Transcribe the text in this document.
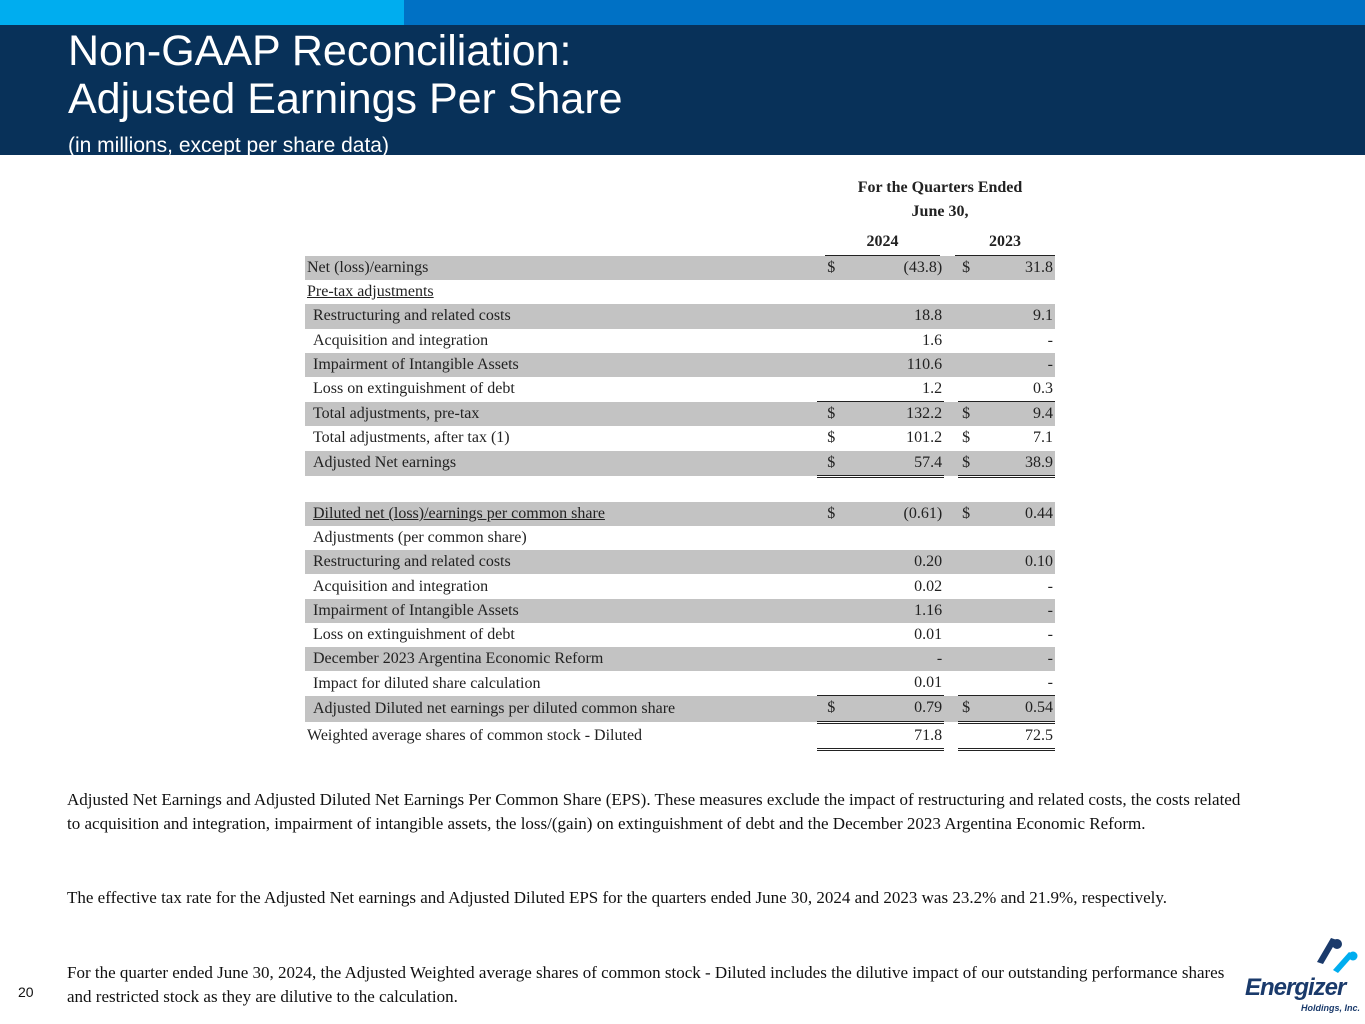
Non-GAAP Reconciliation:
Adjusted Earnings Per Share
(in millions, except per share data)
For the Quarters Ended
June 30,
2024	2023
Net (loss)/earnings	$	(43.8)		$	31.8
Pre-tax adjustments					
Restructuring and related costs		18.8			9.1
Acquisition and integration		1.6			-
Impairment of Intangible Assets		110.6			-
Loss on extinguishment of debt		1.2			0.3
Total adjustments, pre-tax	$	132.2		$	9.4
Total adjustments, after tax (1)	$	101.2		$	7.1
Adjusted Net earnings	$	57.4		$	38.9

Diluted net (loss)/earnings per common share	$	(0.61)		$	0.44
Adjustments (per common share)					
Restructuring and related costs		0.20			0.10
Acquisition and integration		0.02			-
Impairment of Intangible Assets		1.16			-
Loss on extinguishment of debt		0.01			-
December 2023 Argentina Economic Reform		-			-
Impact for diluted share calculation		0.01			-
Adjusted Diluted net earnings per diluted common share	$	0.79		$	0.54
Weighted average shares of common stock - Diluted		71.8			72.5

Adjusted Net Earnings and Adjusted Diluted Net Earnings Per Common Share (EPS). These measures exclude the impact of restructuring and related costs, the costs related to acquisition and integration, impairment of intangible assets, the loss/(gain) on extinguishment of debt and the December 2023 Argentina Economic Reform.

The effective tax rate for the Adjusted Net earnings and Adjusted Diluted EPS for the quarters ended June 30, 2024 and 2023 was 23.2% and 21.9%, respectively.

For the quarter ended June 30, 2024, the Adjusted Weighted average shares of common stock - Diluted includes the dilutive impact of our outstanding performance shares and restricted stock as they are dilutive to the calculation.

20	Energizer
Holdings, Inc.
